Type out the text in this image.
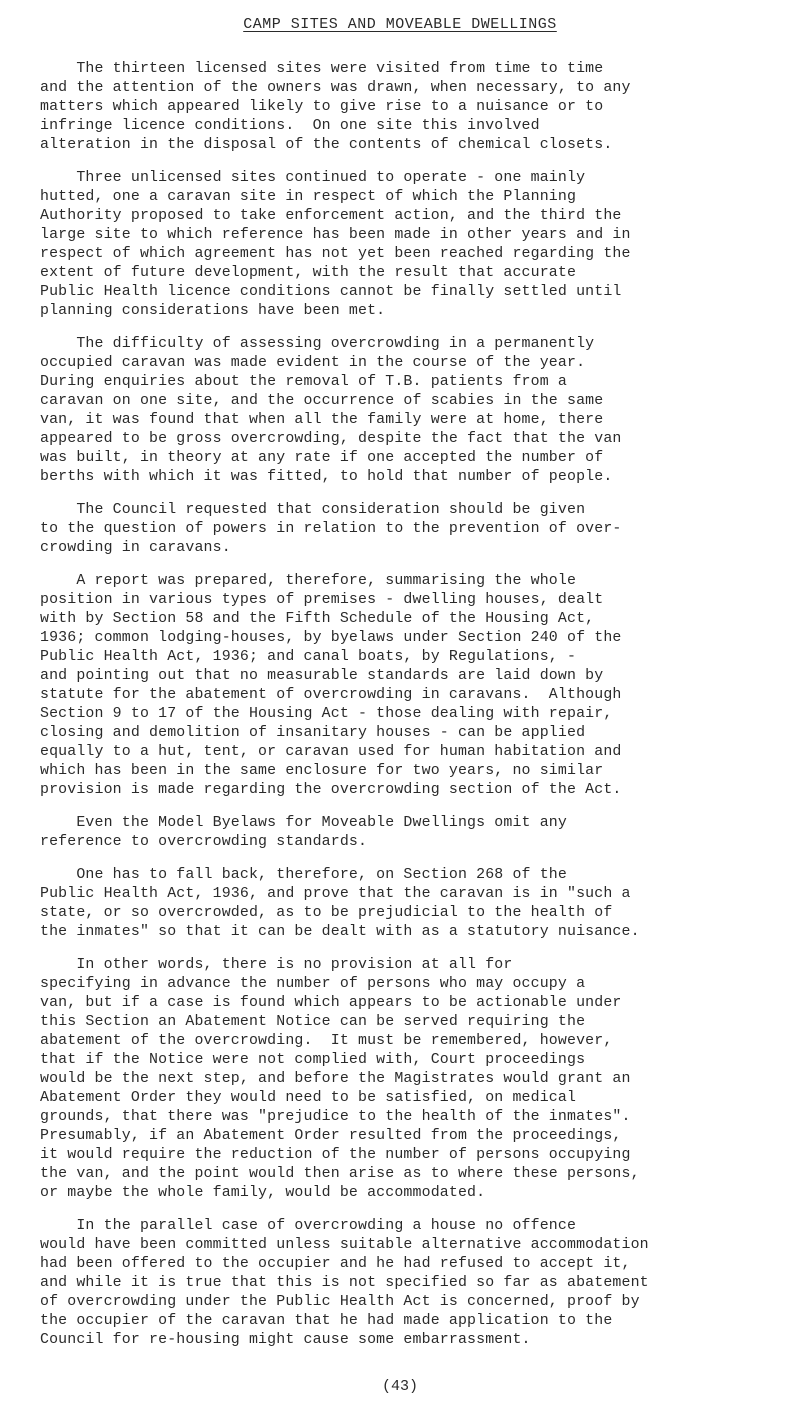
CAMP SITES AND MOVEABLE DWELLINGS

The thirteen licensed sites were visited from time to time
and the attention of the owners was drawn, when necessary, to any
matters which appeared likely to give rise to a nuisance or to
infringe licence conditions.  On one site this involved
alteration in the disposal of the contents of chemical closets.

Three unlicensed sites continued to operate - one mainly
hutted, one a caravan site in respect of which the Planning
Authority proposed to take enforcement action, and the third the
large site to which reference has been made in other years and in
respect of which agreement has not yet been reached regarding the
extent of future development, with the result that accurate
Public Health licence conditions cannot be finally settled until
planning considerations have been met.

The difficulty of assessing overcrowding in a permanently
occupied caravan was made evident in the course of the year.
During enquiries about the removal of T.B. patients from a
caravan on one site, and the occurrence of scabies in the same
van, it was found that when all the family were at home, there
appeared to be gross overcrowding, despite the fact that the van
was built, in theory at any rate if one accepted the number of
berths with which it was fitted, to hold that number of people.

The Council requested that consideration should be given
to the question of powers in relation to the prevention of over-
crowding in caravans.

A report was prepared, therefore, summarising the whole
position in various types of premises - dwelling houses, dealt
with by Section 58 and the Fifth Schedule of the Housing Act,
1936; common lodging-houses, by byelaws under Section 240 of the
Public Health Act, 1936; and canal boats, by Regulations, -
and pointing out that no measurable standards are laid down by
statute for the abatement of overcrowding in caravans.  Although
Section 9 to 17 of the Housing Act - those dealing with repair,
closing and demolition of insanitary houses - can be applied
equally to a hut, tent, or caravan used for human habitation and
which has been in the same enclosure for two years, no similar
provision is made regarding the overcrowding section of the Act.

Even the Model Byelaws for Moveable Dwellings omit any
reference to overcrowding standards.

One has to fall back, therefore, on Section 268 of the
Public Health Act, 1936, and prove that the caravan is in "such a
state, or so overcrowded, as to be prejudicial to the health of
the inmates" so that it can be dealt with as a statutory nuisance.

In other words, there is no provision at all for
specifying in advance the number of persons who may occupy a
van, but if a case is found which appears to be actionable under
this Section an Abatement Notice can be served requiring the
abatement of the overcrowding.  It must be remembered, however,
that if the Notice were not complied with, Court proceedings
would be the next step, and before the Magistrates would grant an
Abatement Order they would need to be satisfied, on medical
grounds, that there was "prejudice to the health of the inmates".
Presumably, if an Abatement Order resulted from the proceedings,
it would require the reduction of the number of persons occupying
the van, and the point would then arise as to where these persons,
or maybe the whole family, would be accommodated.

In the parallel case of overcrowding a house no offence
would have been committed unless suitable alternative accommodation
had been offered to the occupier and he had refused to accept it,
and while it is true that this is not specified so far as abatement
of overcrowding under the Public Health Act is concerned, proof by
the occupier of the caravan that he had made application to the
Council for re-housing might cause some embarrassment.

(43)
